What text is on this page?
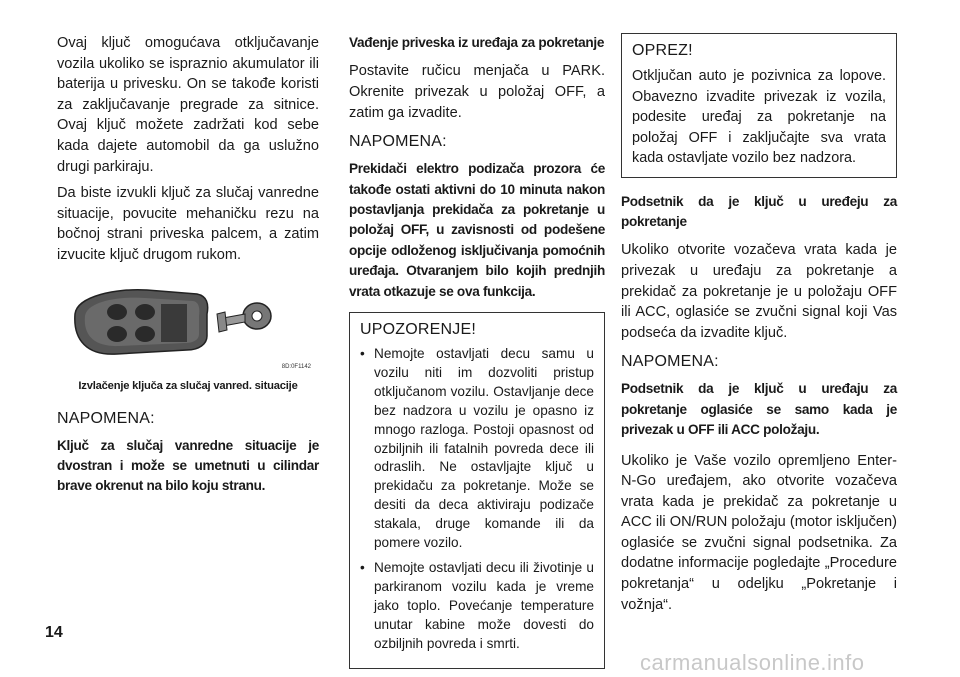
Ovaj ključ omogućava otključavanje vozila ukoliko se ispraznio akumulator ili baterija u privesku. On se takođe koristi za zaključavanje pregrade za sitnice. Ovaj ključ možete zadržati kod sebe kada dajete automobil da ga uslužno drugi parkiraju.

Da biste izvukli ključ za slučaj vanredne situacije, povucite mehaničku rezu na bočnoj strani priveska palcem, a zatim izvucite ključ drugom rukom.

8D:0F1142
Izvlačenje ključa za slučaj vanred. situacije
NAPOMENA:

Ključ za slučaj vanredne situacije je dvostran i može se umetnuti u cilindar brave okrenut na bilo koju stranu.

Vađenje priveska iz uređaja za pokretanje

Postavite ručicu menjača u PARK. Okrenite privezak u položaj OFF, a zatim ga izvadite.

NAPOMENA:

Prekidači elektro podizača prozora će takođe ostati aktivni do 10 minuta nakon postavljanja prekidača za pokretanje u položaj OFF, u zavisnosti od podešene opcije odloženog isključivanja pomoćnih uređaja. Otvaranjem bilo kojih prednjih vrata otkazuje se ova funkcija.

UPOZORENJE!
• Nemojte ostavljati decu samu u vozilu niti im dozvoliti pristup otključanom vozilu. Ostavljanje dece bez nadzora u vozilu je opasno iz mnogo razloga. Postoji opasnost od ozbiljnih ili fatalnih povreda dece ili odraslih. Ne ostavljajte ključ u prekidaču za pokretanje. Može se desiti da deca aktiviraju podizače stakala, druge komande ili da pomere vozilo.
• Nemojte ostavljati decu ili životinje u parkiranom vozilu kada je vreme jako toplo. Povećanje temperature unutar kabine može dovesti do ozbiljnih povreda i smrti.
OPREZ!

Otključan auto je pozivnica za lopove. Obavezno izvadite privezak iz vozila, podesite uređaj za pokretanje na položaj OFF i zaključajte sva vrata kada ostavljate vozilo bez nadzora.

Podsetnik da je ključ u uređeju za pokretanje

Ukoliko otvorite vozačeva vrata kada je privezak u uređaju za pokretanje a prekidač za pokretanje je u položaju OFF ili ACC, oglasiće se zvučni signal koji Vas podseća da izvadite ključ.

NAPOMENA:

Podsetnik da je ključ u uređaju za pokretanje oglasiće se samo kada je privezak u OFF ili ACC položaju.

Ukoliko je Vaše vozilo opremljeno Enter-N-Go uređajem, ako otvorite vozačeva vrata kada je prekidač za pokretanje u ACC ili ON/RUN položaju (motor isključen) oglasiće se zvučni signal podsetnika. Za dodatne informacije pogledajte „Procedure pokretanja“ u odeljku „Pokretanje i vožnja“.

14
carmanualsonline.info
